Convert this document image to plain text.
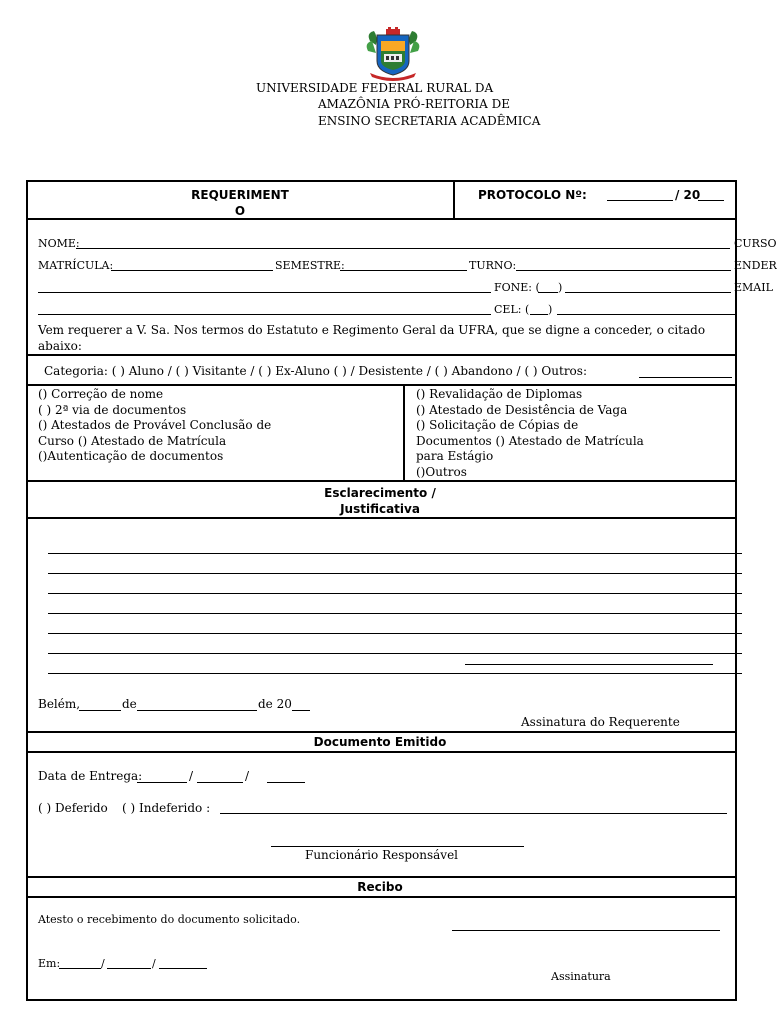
UNIVERSIDADE FEDERAL RURAL DA
AMAZÔNIA PRÓ-REITORIA DE
ENSINO SECRETARIA ACADÊMICA
REQUERIMENT
O
PROTOCOLO Nº:	/ 20
NOME:	CURSO
MATRÍCULA:	SEMESTRE:	TURNO:	ENDER
FONE: ( )	EMAIL
CEL: ( )
Vem requerer a V. Sa. Nos termos do Estatuto e Regimento Geral da UFRA, que se digne a conceder, o citado
abaixo:
Categoria: ( ) Aluno / ( ) Visitante / ( ) Ex-Aluno ( ) / Desistente / ( ) Abandono / ( ) Outros:
() Correção de nome
( ) 2ª via de documentos
() Atestados de Provável Conclusão de
Curso () Atestado de Matrícula
()Autenticação de documentos
() Revalidação de Diplomas
() Atestado de Desistência de Vaga
() Solicitação de Cópias de
Documentos () Atestado de Matrícula
para Estágio
()Outros
Esclarecimento /
Justificativa
Belém,	de	de 20
Assinatura do Requerente
Documento Emitido
Data de Entrega:	/	/
( ) Deferido ( ) Indeferido :
Funcionário Responsável
Recibo
Atesto o recebimento do documento solicitado.
Em:	/	/
Assinatura
